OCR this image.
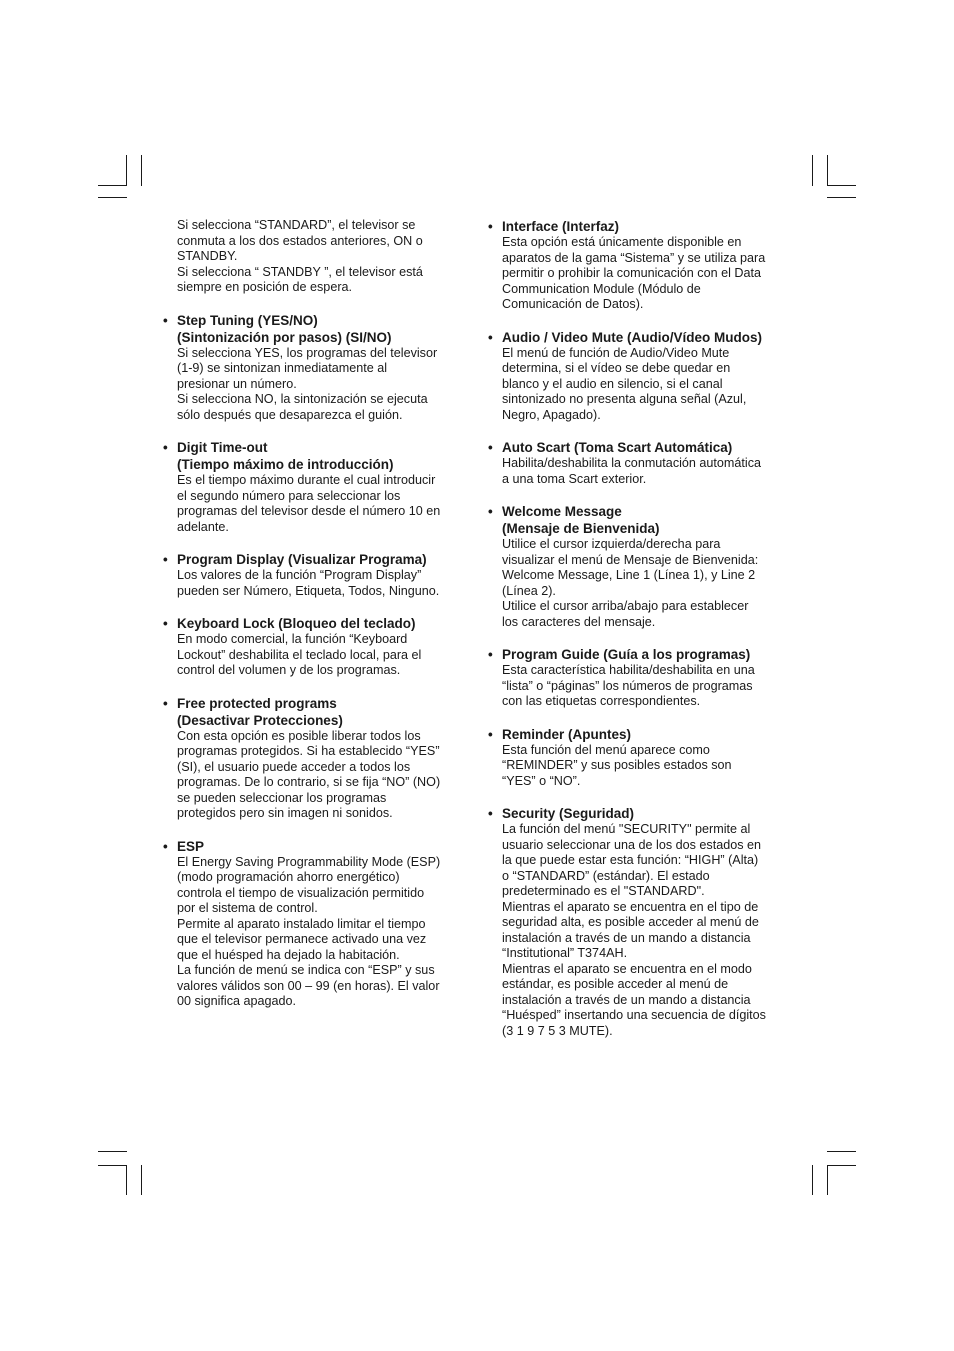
Si selecciona “STANDARD”, el televisor se
conmuta a los dos estados anteriores, ON o
STANDBY.
Si selecciona “ STANDBY ”, el televisor está
siempre en posición de espera.
• Step Tuning (YES/NO)
(Sintonización por pasos) (SI/NO)
Si selecciona YES, los programas del televisor
(1-9) se sintonizan inmediatamente al
presionar un número.
Si selecciona NO, la sintonización se ejecuta
sólo después que desaparezca el guión.
• Digit Time-out
(Tiempo máximo de introducción)
Es el tiempo máximo durante el cual introducir
el segundo número para seleccionar los
programas del televisor desde el número 10 en
adelante.
• Program Display (Visualizar Programa)
Los valores de la función “Program Display”
pueden ser Número, Etiqueta, Todos, Ninguno.
• Keyboard Lock (Bloqueo del teclado)
En modo comercial, la función “Keyboard
Lockout” deshabilita el teclado local, para el
control del volumen y de los programas.
• Free protected programs
(Desactivar Protecciones)
Con esta opción es posible liberar todos los
programas protegidos. Si ha establecido “YES”
(SI), el usuario puede acceder a todos los
programas. De lo contrario, si se fija “NO” (NO)
se pueden seleccionar los programas
protegidos pero sin imagen ni sonidos.
• ESP
El Energy Saving Programmability Mode (ESP)
(modo programación ahorro energético)
controla el tiempo de visualización permitido
por el sistema de control.
Permite al aparato instalado limitar el tiempo
que el televisor permanece activado una vez
que el huésped ha dejado la habitación.
La función de menú se indica con “ESP” y sus
valores válidos son 00 – 99 (en horas). El valor
00 significa apagado.
• Interface (Interfaz)
Esta opción está únicamente disponible en
aparatos de la gama “Sistema” y se utiliza para
permitir o prohibir la comunicación con el Data
Communication Module (Módulo de
Comunicación de Datos).
• Audio / Video Mute (Audio/Vídeo Mudos)
El menú de función de Audio/Video Mute
determina, si el vídeo se debe quedar en
blanco y el audio en silencio, si el canal
sintonizado no presenta alguna señal (Azul,
Negro, Apagado).
• Auto Scart (Toma Scart Automática)
Habilita/deshabilita la conmutación automática
a una toma Scart exterior.
• Welcome Message
(Mensaje de Bienvenida)
Utilice el cursor izquierda/derecha para
visualizar el menú de Mensaje de Bienvenida:
Welcome Message, Line 1 (Línea 1), y Line 2
(Línea 2).
Utilice el cursor arriba/abajo para establecer
los caracteres del mensaje.
• Program Guide (Guía a los programas)
Esta característica habilita/deshabilita en una
“lista” o “páginas” los números de programas
con las etiquetas correspondientes.
• Reminder (Apuntes)
Esta función del menú aparece como
“REMINDER” y sus posibles estados son
“YES” o “NO”.
• Security (Seguridad)
La función del menú "SECURITY" permite al
usuario seleccionar una de los dos estados en
la que puede estar esta función: “HIGH” (Alta)
o “STANDARD” (estándar). El estado
predeterminado es el "STANDARD".
Mientras el aparato se encuentra en el tipo de
seguridad alta, es posible acceder al menú de
instalación a través de un mando a distancia
“Institutional” T374AH.
Mientras el aparato se encuentra en el modo
estándar, es posible acceder al menú de
instalación a través de un mando a distancia
“Huésped” insertando una secuencia de dígitos
(3 1 9 7 5 3 MUTE).
